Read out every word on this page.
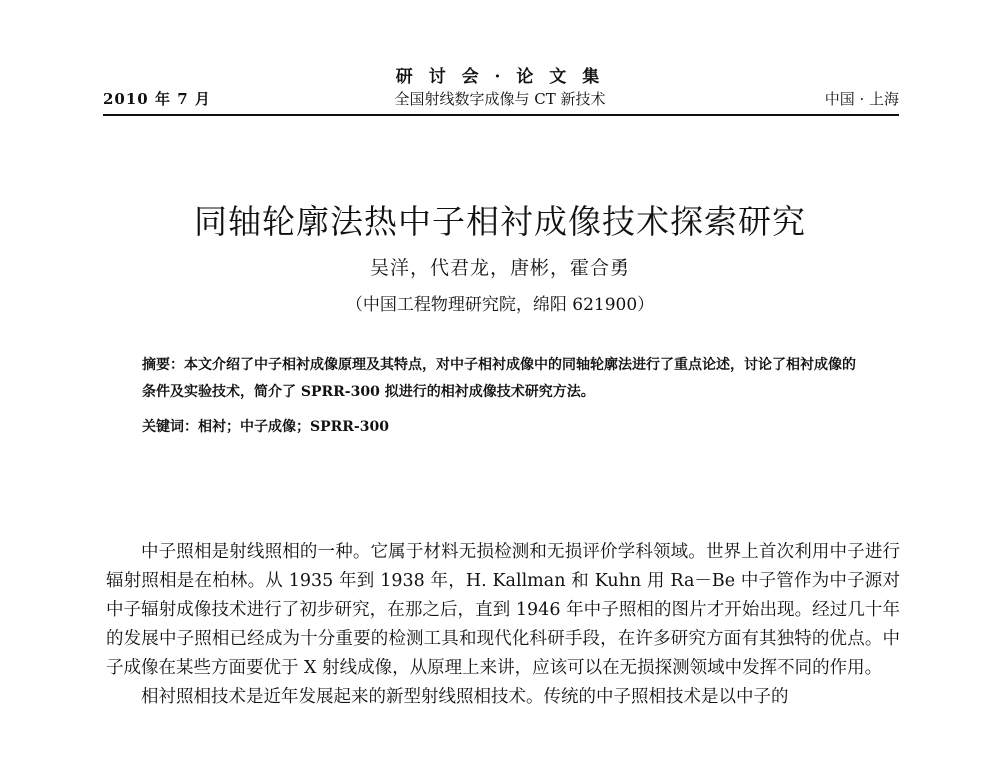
2010 年 7 月
研 讨 会 · 论 文 集
全国射线数字成像与 CT 新技术	中国 · 上海
同轴轮廓法热中子相衬成像技术探索研究
吴洋，代君龙，唐彬，霍合勇
（中国工程物理研究院，绵阳 621900）
摘要：本文介绍了中子相衬成像原理及其特点，对中子相衬成像中的同轴轮廓法进行了重点论述，讨论了相衬成像的条件及实验技术，简介了 SPRR-300 拟进行的相衬成像技术研究方法。
关键词：相衬；中子成像；SPRR-300

中子照相是射线照相的一种。它属于材料无损检测和无损评价学科领域。世界上首次利用中子进行辐射照相是在柏林。从 1935 年到 1938 年，H. Kallman 和 Kuhn 用 Ra－Be 中子管作为中子源对中子辐射成像技术进行了初步研究，在那之后，直到 1946 年中子照相的图片才开始出现。经过几十年的发展中子照相已经成为十分重要的检测工具和现代化科研手段，在许多研究方面有其独特的优点。中子成像在某些方面要优于 X 射线成像，从原理上来讲，应该可以在无损探测领域中发挥不同的作用。

相衬照相技术是近年发展起来的新型射线照相技术。传统的中子照相技术是以中子的
